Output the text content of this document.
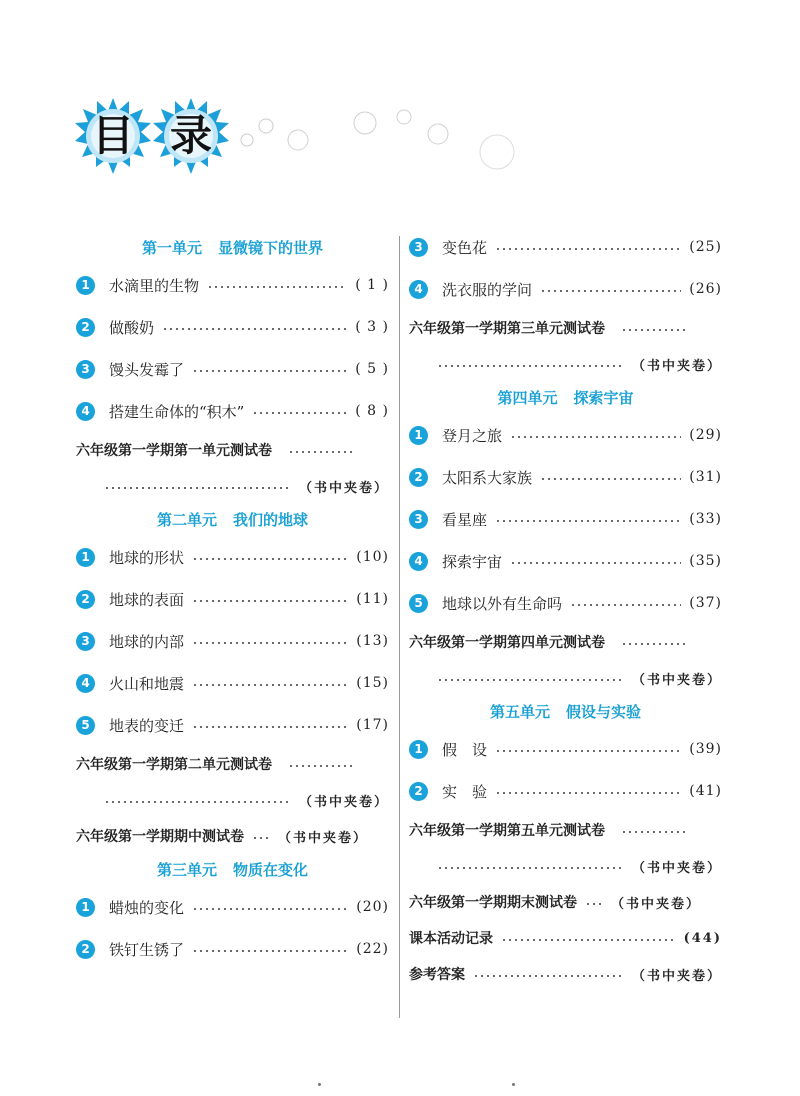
目 录
第一单元 显微镜下的世界
1	水滴里的生物	( 1 )
2	做酸奶	( 3 )
3	馒头发霉了	( 5 )
4	搭建生命体的“积木”	( 8 )
六年级第一学期第一单元测试卷
（书中夹卷）
第二单元 我们的地球
1	地球的形状	(10)
2	地球的表面	(11)
3	地球的内部	(13)
4	火山和地震	(15)
5	地表的变迁	(17)
六年级第一学期第二单元测试卷
（书中夹卷）
六年级第一学期期中测试卷	（书中夹卷）
第三单元 物质在变化
1	蜡烛的变化	(20)
2	铁钉生锈了	(22)
3	变色花	(25)
4	洗衣服的学问	(26)
六年级第一学期第三单元测试卷
（书中夹卷）
第四单元 探索宇宙
1	登月之旅	(29)
2	太阳系大家族	(31)
3	看星座	(33)
4	探索宇宙	(35)
5	地球以外有生命吗	(37)
六年级第一学期第四单元测试卷
（书中夹卷）
第五单元 假设与实验
1	假　设	(39)
2	实　验	(41)
六年级第一学期第五单元测试卷
（书中夹卷）
六年级第一学期期末测试卷	（书中夹卷）
课本活动记录	(44)
参考答案	（书中夹卷）
